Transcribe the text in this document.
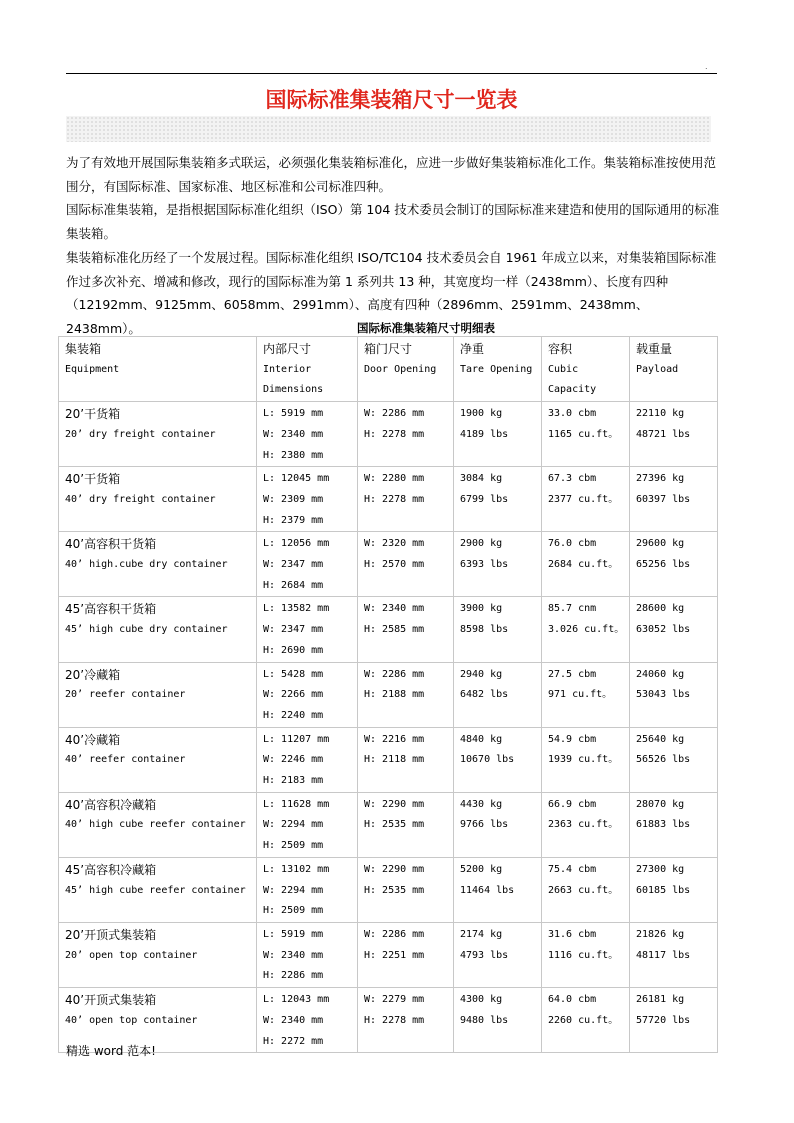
.
国际标准集装箱尺寸一览表

为了有效地开展国际集装箱多式联运，必须强化集装箱标准化，应进一步做好集装箱标准化工作。集装箱标准按使用范围分，有国际标准、国家标准、地区标准和公司标准四种。

国际标准集装箱，是指根据国际标准化组织（ISO）第 104 技术委员会制订的国际标准来建造和使用的国际通用的标准集装箱。

集装箱标准化历经了一个发展过程。国际标准化组织 ISO/TC104 技术委员会自 1961 年成立以来，对集装箱国际标准作过多次补充、增减和修改，现行的国际标准为第 1 系列共 13 种，其宽度均一样（2438mm）、长度有四种（12192mm、9125mm、6058mm、2991mm）、高度有四种（2896mm、2591mm、2438mm、2438mm）。	国际标准集装箱尺寸明细表
集装箱
Equipment	内部尺寸
Interior
Dimensions	箱门尺寸
Door Opening	净重
Tare Opening	容积
Cubic
Capacity	载重量
Payload

20’干货箱
20’ dry freight container	L: 5919 mm
W: 2340 mm
H: 2380 mm	W: 2286 mm
H: 2278 mm	1900 kg
4189 lbs	33.0 cbm
1165 cu.ft。	22110 kg
48721 lbs

40’干货箱
40’ dry freight container	L: 12045 mm
W: 2309 mm
H: 2379 mm	W: 2280 mm
H: 2278 mm	3084 kg
6799 lbs	67.3 cbm
2377 cu.ft。	27396 kg
60397 lbs

40’高容积干货箱
40’ high.cube dry container	L: 12056 mm
W: 2347 mm
H: 2684 mm	W: 2320 mm
H: 2570 mm	2900 kg
6393 lbs	76.0 cbm
2684 cu.ft。	29600 kg
65256 lbs

45’高容积干货箱
45’ high cube dry container	L: 13582 mm
W: 2347 mm
H: 2690 mm	W: 2340 mm
H: 2585 mm	3900 kg
8598 lbs	85.7 cnm
3.026 cu.ft。	28600 kg
63052 lbs

20’冷藏箱
20’ reefer container	L: 5428 mm
W: 2266 mm
H: 2240 mm	W: 2286 mm
H: 2188 mm	2940 kg
6482 lbs	27.5 cbm
971 cu.ft。	24060 kg
53043 lbs

40’冷藏箱
40’ reefer container	L: 11207 mm
W: 2246 mm
H: 2183 mm	W: 2216 mm
H: 2118 mm	4840 kg
10670 lbs	54.9 cbm
1939 cu.ft。	25640 kg
56526 lbs

40’高容积冷藏箱
40’ high cube reefer container	L: 11628 mm
W: 2294 mm
H: 2509 mm	W: 2290 mm
H: 2535 mm	4430 kg
9766 lbs	66.9 cbm
2363 cu.ft。	28070 kg
61883 lbs

45’高容积冷藏箱
45’ high cube reefer container	L: 13102 mm
W: 2294 mm
H: 2509 mm	W: 2290 mm
H: 2535 mm	5200 kg
11464 lbs	75.4 cbm
2663 cu.ft。	27300 kg
60185 lbs

20’开顶式集装箱
20’ open top container	L: 5919 mm
W: 2340 mm
H: 2286 mm	W: 2286 mm
H: 2251 mm	2174 kg
4793 lbs	31.6 cbm
1116 cu.ft。	21826 kg
48117 lbs

40’开顶式集装箱
40’ open top container	L: 12043 mm
W: 2340 mm
H: 2272 mm	W: 2279 mm
H: 2278 mm	4300 kg
9480 lbs	64.0 cbm
2260 cu.ft。	26181 kg
57720 lbs
精选 word 范本!
